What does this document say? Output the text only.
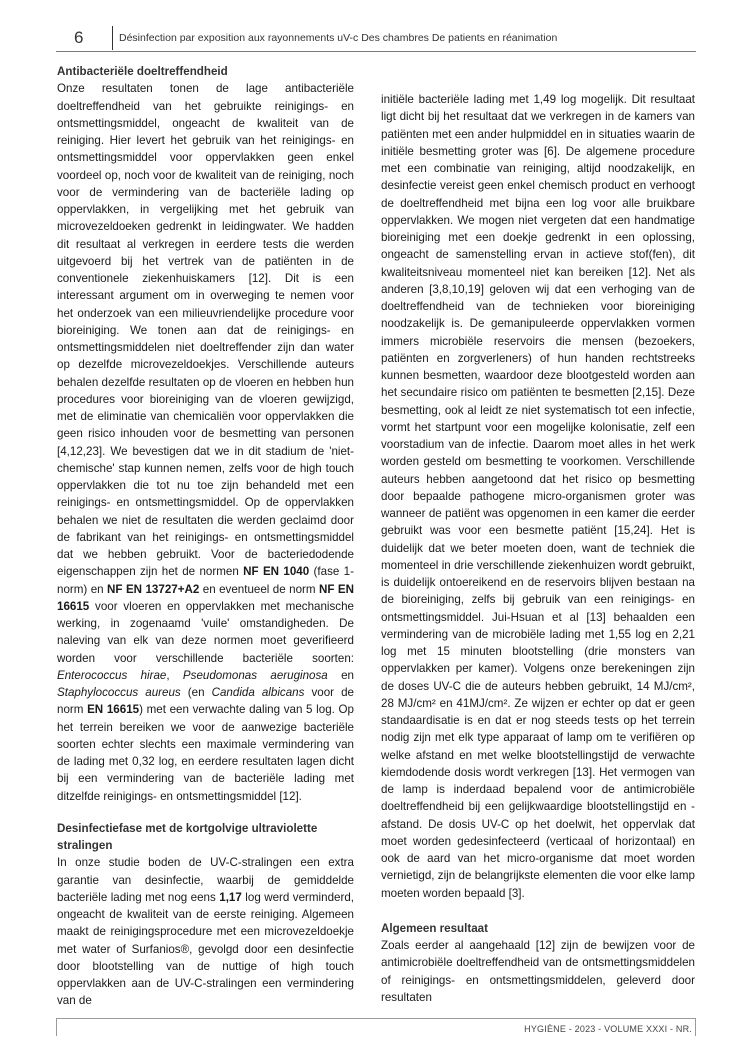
6	Désinfection par exposition aux rayonnements uV-c Des chambres De patients en réanimation
Antibacteriële doeltreffendheid

Onze resultaten tonen de lage antibacteriële doeltreffendheid van het gebruikte reinigings- en ontsmettingsmiddel, ongeacht de kwaliteit van de reiniging. Hier levert het gebruik van het reinigings- en ontsmettingsmiddel voor oppervlakken geen enkel voordeel op, noch voor de kwaliteit van de reiniging, noch voor de vermindering van de bacteriële lading op oppervlakken, in vergelijking met het gebruik van microvezeldoeken gedrenkt in leidingwater. We hadden dit resultaat al verkregen in eerdere tests die werden uitgevoerd bij het vertrek van de patiënten in de conventionele ziekenhuiskamers [12]. Dit is een interessant argument om in overweging te nemen voor het onderzoek van een milieuvriendelijke procedure voor bioreiniging. We tonen aan dat de reinigings- en ontsmettingsmiddelen niet doeltreffender zijn dan water op dezelfde microvezeldoekjes. Verschillende auteurs behalen dezelfde resultaten op de vloeren en hebben hun procedures voor bioreiniging van de vloeren gewijzigd, met de eliminatie van chemicaliën voor oppervlakken die geen risico inhouden voor de besmetting van personen [4,12,23]. We bevestigen dat we in dit stadium de 'niet-chemische' stap kunnen nemen, zelfs voor de high touch oppervlakken die tot nu toe zijn behandeld met een reinigings- en ontsmettingsmiddel. Op de oppervlakken behalen we niet de resultaten die werden geclaimd door de fabrikant van het reinigings- en ontsmettingsmiddel dat we hebben gebruikt. Voor de bacteriedodende eigenschappen zijn het de normen NF EN 1040 (fase 1-norm) en NF EN 13727+A2 en eventueel de norm NF EN 16615 voor vloeren en oppervlakken met mechanische werking, in zogenaamd 'vuile' omstandigheden. De naleving van elk van deze normen moet geverifieerd worden voor verschillende bacteriële soorten: Enterococcus hirae, Pseudomonas aeruginosa en Staphylococcus aureus (en Candida albicans voor de norm EN 16615) met een verwachte daling van 5 log. Op het terrein bereiken we voor de aanwezige bacteriële soorten echter slechts een maximale vermindering van de lading met 0,32 log, en eerdere resultaten lagen dicht bij een vermindering van de bacteriële lading met ditzelfde reinigings- en ontsmettingsmiddel [12].

Desinfectiefase met de kortgolvige ultraviolette stralingen

In onze studie boden de UV-C-stralingen een extra garantie van desinfectie, waarbij de gemiddelde bacteriële lading met nog eens 1,17 log werd verminderd, ongeacht de kwaliteit van de eerste reiniging. Algemeen maakt de reinigingsprocedure met een microvezeldoekje met water of Surfanios®, gevolgd door een desinfectie door blootstelling van de nuttige of high touch oppervlakken aan de UV-C-stralingen een vermindering van de

initiële bacteriële lading met 1,49 log mogelijk. Dit resultaat ligt dicht bij het resultaat dat we verkregen in de kamers van patiënten met een ander hulpmiddel en in situaties waarin de initiële besmetting groter was [6]. De algemene procedure met een combinatie van reiniging, altijd noodzakelijk, en desinfectie vereist geen enkel chemisch product en verhoogt de doeltreffendheid met bijna een log voor alle bruikbare oppervlakken. We mogen niet vergeten dat een handmatige bioreiniging met een doekje gedrenkt in een oplossing, ongeacht de samenstelling ervan in actieve stof(fen), dit kwaliteitsniveau momenteel niet kan bereiken [12]. Net als anderen [3,8,10,19] geloven wij dat een verhoging van de doeltreffendheid van de technieken voor bioreiniging noodzakelijk is. De gemanipuleerde oppervlakken vormen immers microbiële reservoirs die mensen (bezoekers, patiënten en zorgverleners) of hun handen rechtstreeks kunnen besmetten, waardoor deze blootgesteld worden aan het secundaire risico om patiënten te besmetten [2,15]. Deze besmetting, ook al leidt ze niet systematisch tot een infectie, vormt het startpunt voor een mogelijke kolonisatie, zelf een voorstadium van de infectie. Daarom moet alles in het werk worden gesteld om besmetting te voorkomen. Verschillende auteurs hebben aangetoond dat het risico op besmetting door bepaalde pathogene micro-organismen groter was wanneer de patiënt was opgenomen in een kamer die eerder gebruikt was voor een besmette patiënt [15,24]. Het is duidelijk dat we beter moeten doen, want de techniek die momenteel in drie verschillende ziekenhuizen wordt gebruikt, is duidelijk ontoereikend en de reservoirs blijven bestaan na de bioreiniging, zelfs bij gebruik van een reinigings- en ontsmettingsmiddel. Jui-Hsuan et al [13] behaalden een vermindering van de microbiële lading met 1,55 log en 2,21 log met 15 minuten blootstelling (drie monsters van oppervlakken per kamer). Volgens onze berekeningen zijn de doses UV-C die de auteurs hebben gebruikt, 14 MJ/cm², 28 MJ/cm² en 41MJ/cm². Ze wijzen er echter op dat er geen standaardisatie is en dat er nog steeds tests op het terrein nodig zijn met elk type apparaat of lamp om te verifiëren op welke afstand en met welke blootstellingstijd de verwachte kiemdodende dosis wordt verkregen [13]. Het vermogen van de lamp is inderdaad bepalend voor de antimicrobiële doeltreffendheid bij een gelijkwaardige blootstellingstijd en -afstand. De dosis UV-C op het doelwit, het oppervlak dat moet worden gedesinfecteerd (verticaal of horizontaal) en ook de aard van het micro-organisme dat moet worden vernietigd, zijn de belangrijkste elementen die voor elke lamp moeten worden bepaald [3].

Algemeen resultaat

Zoals eerder al aangehaald [12] zijn de bewijzen voor de antimicrobiële doeltreffendheid van de ontsmettingsmiddelen of reinigings- en ontsmettingsmiddelen, geleverd door resultaten

HYGIÈNE - 2023 - VOLUME XXXI - NR.
